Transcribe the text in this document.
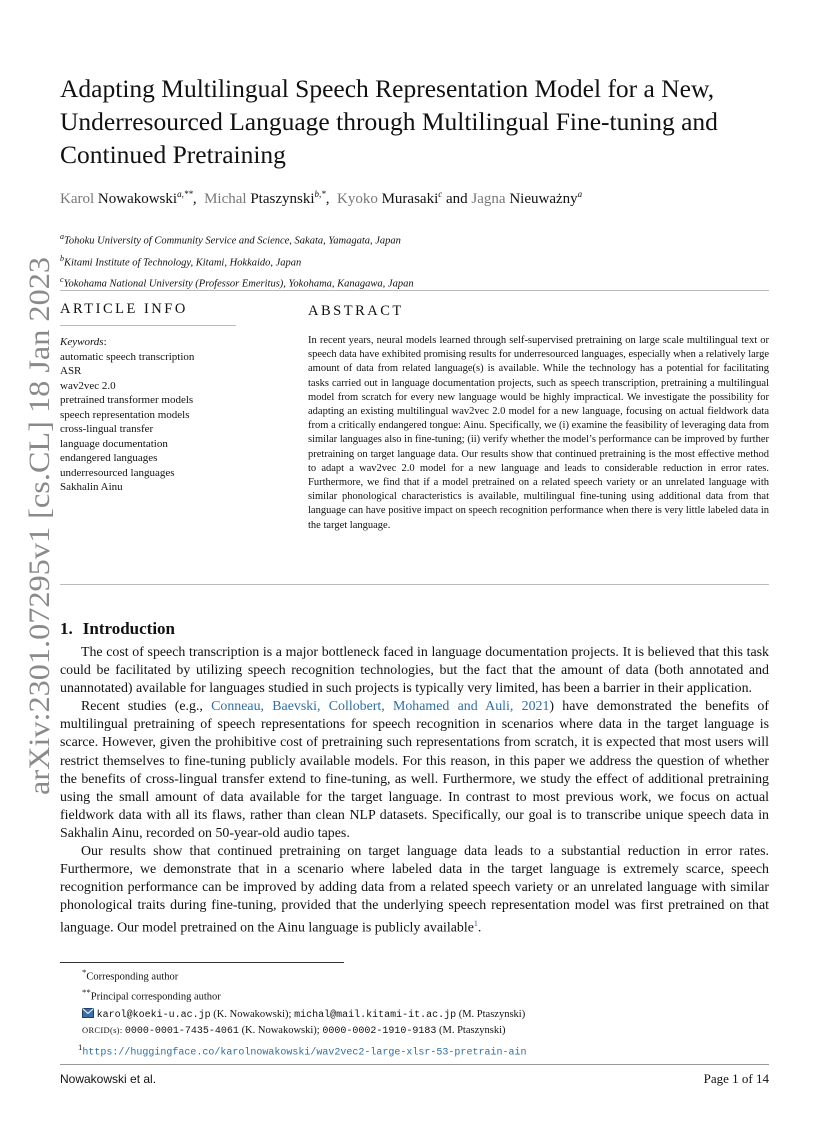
arXiv:2301.07295v1 [cs.CL] 18 Jan 2023
Adapting Multilingual Speech Representation Model for a New,
Underresourced Language through Multilingual Fine-tuning and
Continued Pretraining
Karol Nowakowski$^{a,**}$,  Michal Ptaszynski$^{b,*}$,  Kyoko Murasaki$^c$ and Jagna Nieuważny$^a$
$^a$Tohoku University of Community Service and Science, Sakata, Yamagata, Japan
$^b$Kitami Institute of Technology, Kitami, Hokkaido, Japan
$^c$Yokohama National University (Professor Emeritus), Yokohama, Kanagawa, Japan
ARTICLE INFO
Keywords:
automatic speech transcription
ASR
wav2vec 2.0
pretrained transformer models
speech representation models
cross-lingual transfer
language documentation
endangered languages
underresourced languages
Sakhalin Ainu
ABSTRACT
In recent years, neural models learned through self-supervised pretraining on large scale multilingual text or speech data have exhibited promising results for underresourced languages, especially when a relatively large amount of data from related language(s) is available. While the technology has a potential for facilitating tasks carried out in language documentation projects, such as speech transcription, pretraining a multilingual model from scratch for every new language would be highly impractical. We investigate the possibility for adapting an existing multilingual wav2vec 2.0 model for a new language, focusing on actual fieldwork data from a critically endangered tongue: Ainu. Specifically, we (i) examine the feasibility of leveraging data from similar languages also in fine-tuning; (ii) verify whether the model’s performance can be improved by further pretraining on target language data. Our results show that continued pretraining is the most effective method to adapt a wav2vec 2.0 model for a new language and leads to considerable reduction in error rates. Furthermore, we find that if a model pretrained on a related speech variety or an unrelated language with similar phonological characteristics is available, multilingual fine-tuning using additional data from that language can have positive impact on speech recognition performance when there is very little labeled data in the target language.
1. Introduction

The cost of speech transcription is a major bottleneck faced in language documentation projects. It is believed that this task could be facilitated by utilizing speech recognition technologies, but the fact that the amount of data (both annotated and unannotated) available for languages studied in such projects is typically very limited, has been a barrier in their application.

Recent studies (e.g., Conneau, Baevski, Collobert, Mohamed and Auli, 2021) have demonstrated the benefits of multilingual pretraining of speech representations for speech recognition in scenarios where data in the target language is scarce. However, given the prohibitive cost of pretraining such representations from scratch, it is expected that most users will restrict themselves to fine-tuning publicly available models. For this reason, in this paper we address the question of whether the benefits of cross-lingual transfer extend to fine-tuning, as well. Furthermore, we study the effect of additional pretraining using the small amount of data available for the target language. In contrast to most previous work, we focus on actual fieldwork data with all its flaws, rather than clean NLP datasets. Specifically, our goal is to transcribe unique speech data in Sakhalin Ainu, recorded on 50-year-old audio tapes.

Our results show that continued pretraining on target language data leads to a substantial reduction in error rates. Furthermore, we demonstrate that in a scenario where labeled data in the target language is extremely scarce, speech recognition performance can be improved by adding data from a related speech variety or an unrelated language with similar phonological traits during fine-tuning, provided that the underlying speech representation model was first pretrained on that language. Our model pretrained on the Ainu language is publicly available$^1$.

*Corresponding author
**Principal corresponding author
karol@koeki-u.ac.jp (K. Nowakowski); michal@mail.kitami-it.ac.jp (M. Ptaszynski)
ORCID(s): 0000-0001-7435-4061 (K. Nowakowski); 0000-0002-1910-9183 (M. Ptaszynski)
$^1$https://huggingface.co/karolnowakowski/wav2vec2-large-xlsr-53-pretrain-ain
Nowakowski et al.	Page 1 of 14
